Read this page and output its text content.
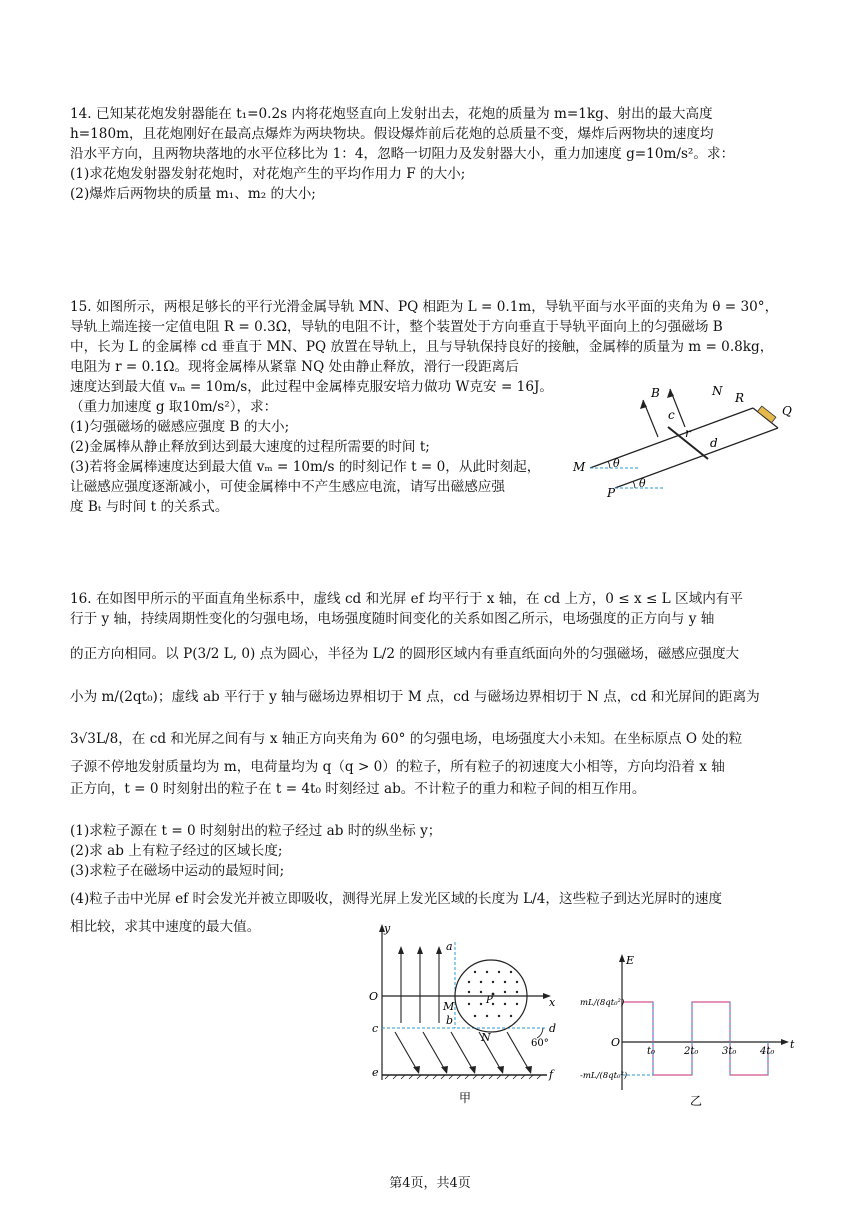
14. 已知某花炮发射器能在 t₁=0.2s 内将花炮竖直向上发射出去，花炮的质量为 m=1kg、射出的最大高度
h=180m，且花炮刚好在最高点爆炸为两块物块。假设爆炸前后花炮的总质量不变，爆炸后两物块的速度均
沿水平方向，且两物块落地的水平位移比为 1：4，忽略一切阻力及发射器大小，重力加速度 g=10m/s²。求：
(1)求花炮发射器发射花炮时，对花炮产生的平均作用力 F 的大小;
(2)爆炸后两物块的质量 m₁、m₂ 的大小;
15. 如图所示，两根足够长的平行光滑金属导轨 MN、PQ 相距为 L = 0.1m，导轨平面与水平面的夹角为 θ = 30°，
导轨上端连接一定值电阻 R = 0.3Ω，导轨的电阻不计，整个装置处于方向垂直于导轨平面向上的匀强磁场 B
中，长为 L 的金属棒 cd 垂直于 MN、PQ 放置在导轨上，且与导轨保持良好的接触，金属棒的质量为 m = 0.8kg，
电阻为 r = 0.1Ω。现将金属棒从紧靠 NQ 处由静止释放，滑行一段距离后
速度达到最大值 vₘ = 10m/s，此过程中金属棒克服安培力做功 W克安 = 16J。
（重力加速度 g 取10m/s²），求：
(1)匀强磁场的磁感应强度 B 的大小;
(2)金属棒从静止释放到达到最大速度的过程所需要的时间 t;
(3)若将金属棒速度达到最大值 vₘ = 10m/s 的时刻记作 t = 0，从此时刻起，
让磁感应强度逐渐减小，可使金属棒中不产生感应电流，请写出磁感应强
度 Bₜ 与时间 t 的关系式。
B	N R
Q
c
r
d
M
P
θ
θ
16. 在如图甲所示的平面直角坐标系中，虚线 cd 和光屏 ef 均平行于 x 轴，在 cd 上方，0 ≤ x ≤ L 区域内有平
行于 y 轴，持续周期性变化的匀强电场，电场强度随时间变化的关系如图乙所示，电场强度的正方向与 y 轴
的正方向相同。以 P(3/2 L, 0) 点为圆心，半径为 L/2 的圆形区域内有垂直纸面向外的匀强磁场，磁感应强度大
小为 m/(2qt₀)；虚线 ab 平行于 y 轴与磁场边界相切于 M 点，cd 与磁场边界相切于 N 点，cd 和光屏间的距离为
3√3L/8，在 cd 和光屏之间有与 x 轴正方向夹角为 60° 的匀强电场，电场强度大小未知。在坐标原点 O 处的粒
子源不停地发射质量均为 m，电荷量均为 q（q > 0）的粒子，所有粒子的初速度大小相等，方向均沿着 x 轴
正方向，t = 0 时刻射出的粒子在 t = 4t₀ 时刻经过 ab。不计粒子的重力和粒子间的相互作用。
(1)求粒子源在 t = 0 时刻射出的粒子经过 ab 时的纵坐标 y；
(2)求 ab 上有粒子经过的区域长度;
(3)求粒子在磁场中运动的最短时间;
(4)粒子击中光屏 ef 时会发光并被立即吸收，测得光屏上发光区域的长度为 L/4，这些粒子到达光屏时的速度
相比较，求其中速度的最大值。	y
x
O
a
b
M	P
N
c	d
e	f
60°
甲
E
t
O
t₀	2t₀ 3t₀ 4t₀
mL/(8qt₀²)
-mL/(8qt₀²)
乙
第4页，共4页
